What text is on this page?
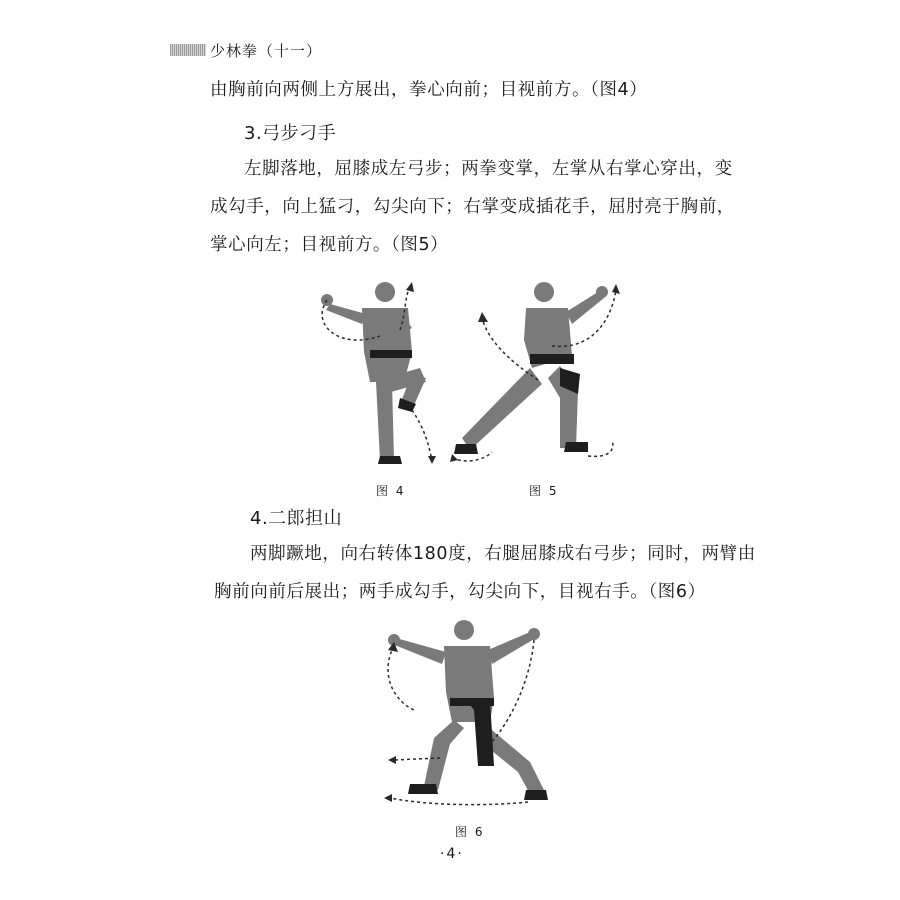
少林拳（十一）
由胸前向两侧上方展出，拳心向前；目视前方。（图4）
3.弓步刁手
左脚落地，屈膝成左弓步；两拳变掌，左掌从右掌心穿出，变
成勾手，向上猛刁，勾尖向下；右掌变成插花手，屈肘亮于胸前，
掌心向左；目视前方。（图5）
图 4	图 5
4.二郎担山
两脚蹶地，向右转体180度，右腿屈膝成右弓步；同时，两臂由
胸前向前后展出；两手成勾手，勾尖向下，目视右手。（图6）
图 6
·4·
